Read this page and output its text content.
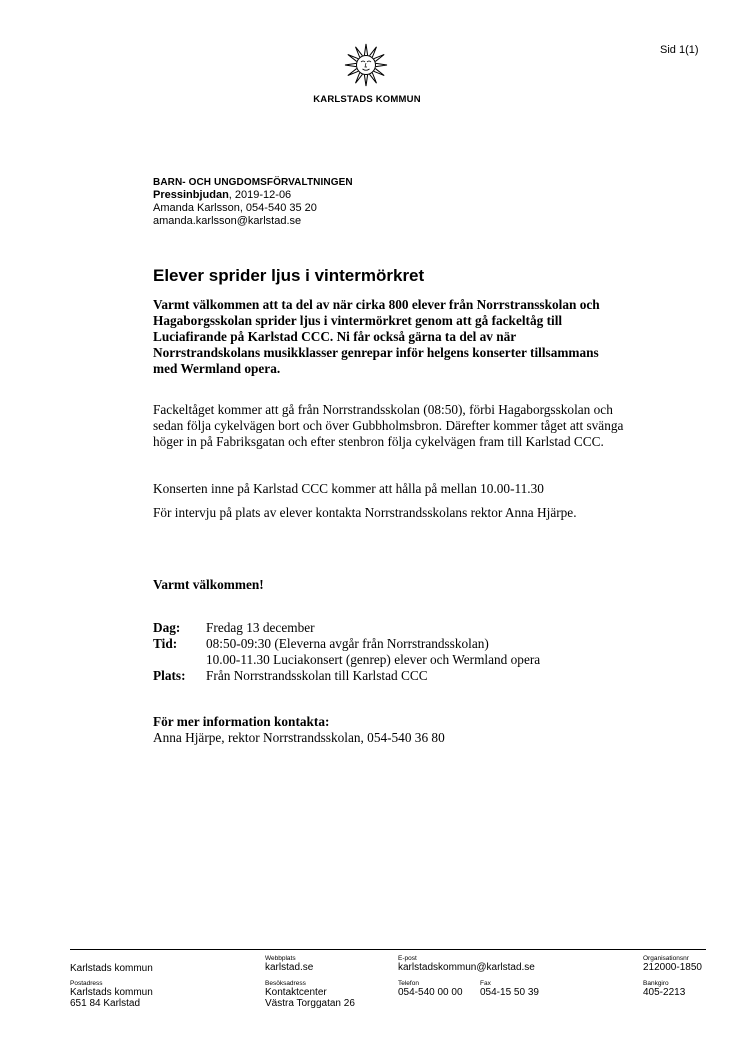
Sid 1(1)
KARLSTADS KOMMUN
BARN- OCH UNGDOMSFÖRVALTNINGEN
Pressinbjudan, 2019-12-06
Amanda Karlsson, 054-540 35 20
amanda.karlsson@karlstad.se
Elever sprider ljus i vintermörkret

Varmt välkommen att ta del av när cirka 800 elever från Norrstransskolan och Hagaborgsskolan sprider ljus i vintermörkret genom att gå fackeltåg till Luciafirande på Karlstad CCC. Ni får också gärna ta del av när Norrstrandskolans musikklasser genrepar inför helgens konserter tillsammans med Wermland opera.

Fackeltåget kommer att gå från Norrstrandsskolan (08:50), förbi Hagaborgsskolan och sedan följa cykelvägen bort och över Gubbholmsbron. Därefter kommer tåget att svänga höger in på Fabriksgatan och efter stenbron följa cykelvägen fram till Karlstad CCC.

Konserten inne på Karlstad CCC kommer att hålla på mellan 10.00-11.30

För intervju på plats av elever kontakta Norrstrandsskolans rektor Anna Hjärpe.

Varmt välkommen!

Dag:	Fredag 13 december
Tid:	08:50-09:30 (Eleverna avgår från Norrstrandsskolan)
10.00-11.30 Luciakonsert (genrep) elever och Wermland opera
Plats:	Från Norrstrandsskolan till Karlstad CCC
För mer information kontakta:
Anna Hjärpe, rektor Norrstrandsskolan, 054-540 36 80
Karlstads kommun
Webbplats
karlstad.se
E-post
karlstadskommun@karlstad.se
Organisationsnr
212000-1850
Postadress
Karlstads kommun
651 84 Karlstad
Besöksadress
Kontaktcenter
Västra Torggatan 26
Telefon
054-540 00 00
Fax
054-15 50 39
Bankgiro
405-2213
